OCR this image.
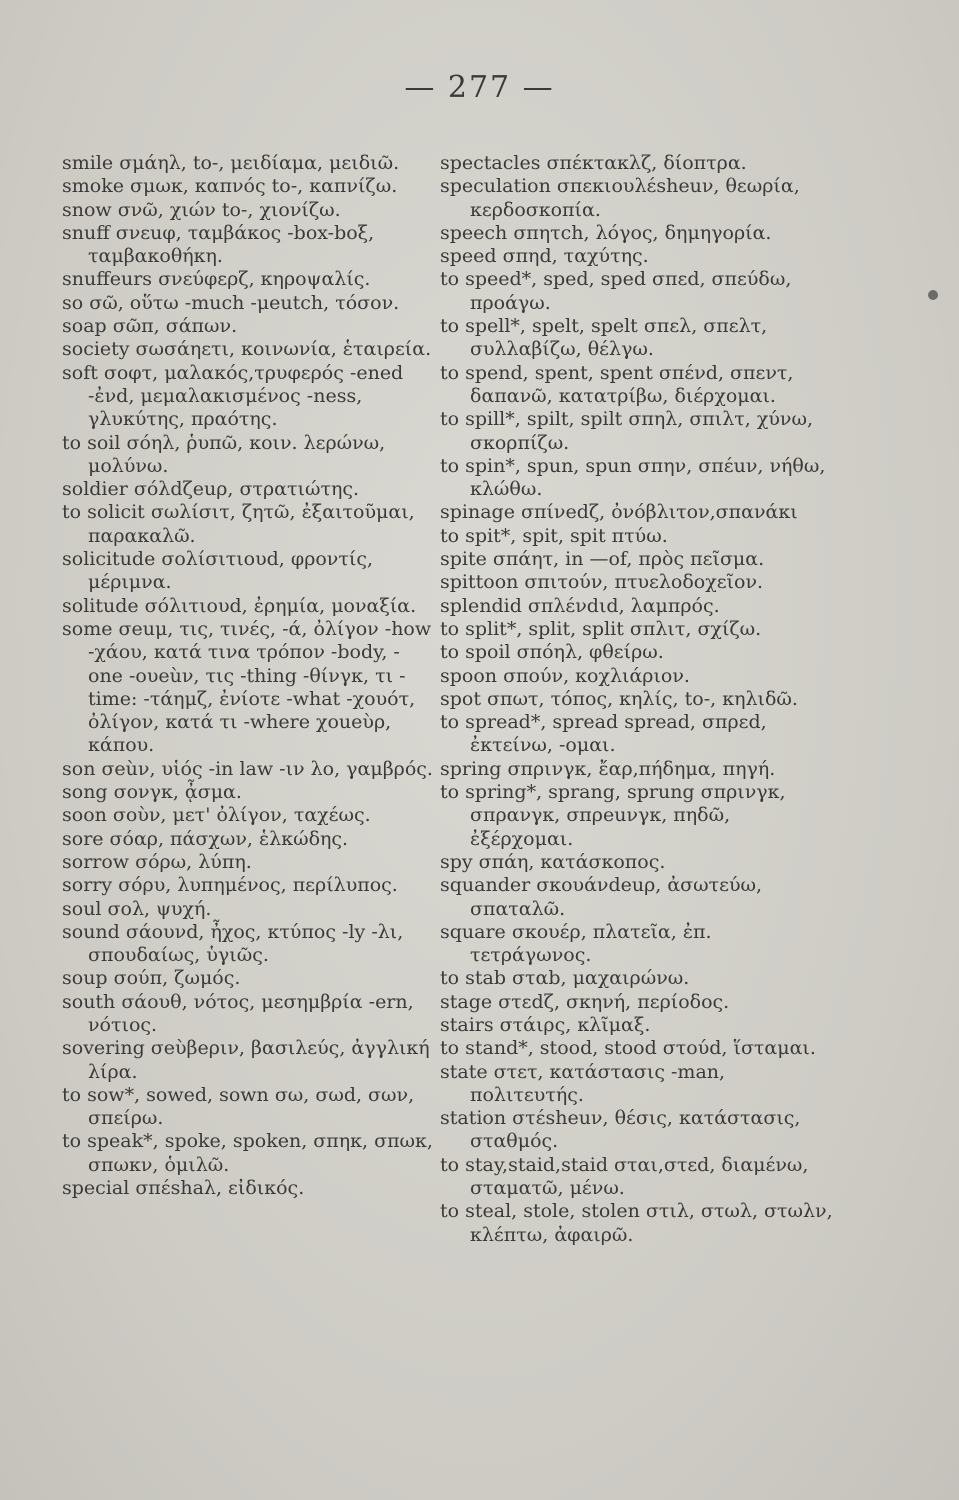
— 277 —

smile σμάηλ, to-, μειδίαμα, μειδιῶ.

smoke σμωκ, καπνός to-, καπνίζω.

snow σνῶ, χιών to-, χιονίζω.

snuff σνεuφ, ταμβάκος -box-boξ, ταμβακοθήκη.

snuffeurs σνεύφερζ, κηροψαλίς.

so σῶ, οὕτω -much -μeutch, τόσον.

soap σῶπ, σάπων.

society σωσάηετι, κοινωνία, ἑταιρεία.

soft σοφτ, μαλακός,τρυφερός -ened -ἐνd, μεμαλακισμένος -ness, γλυκύτης, πραότης.

to soil σόηλ, ῥυπῶ, κοιν. λερώνω, μολύνω.

soldier σόλdζeuρ, στρατιώτης.

to solicit σωλίσιτ, ζητῶ, ἐξαιτοῦμαι, παρακαλῶ.

solicitude σολίσιτιουd, φροντίς, μέριμνα.

solitude σόλιτιουd, ἐρημία, μοναξία.

some σeuμ, τις, τινές, -ά, ὀλίγον -how -χάου, κατά τινα τρόπον -body, -one -ουeùν, τις -thing -θίνγκ, τι -time: -τάημζ, ἐνίοτε -what -χουότ, ὀλίγον, κατά τι -where χoueὺρ, κάπου.

son σeùν, υἱός -in law -ιν λο, γαμβρός.

song σονγκ, ᾆσμα.

soon σοὺν, μετ' ὀλίγον, ταχέως.

sore σόαρ, πάσχων, ἑλκώδης.

sorrow σόρω, λύπη.

sorry σόρυ, λυπημένος, περίλυπος.

soul σολ, ψυχή.

sound σάουνd, ἦχος, κτύπος -ly -λι, σπουδαίως, ὑγιῶς.

soup σούπ, ζωμός.

south σάουθ, νότος, μεσημβρία -ern, νότιος.

sovering σeὺβeριν, βασιλεύς, ἀγγλική λίρα.

to sow*, sowed, sown σω, σωd, σων, σπείρω.

to speak*, spoke, spoken, σπηκ, σπωκ, σπωκν, ὁμιλῶ.

special σπέshaλ, εἰδικός.

spectacles σπέκτακλζ, δίοπτρα.

speculation σπεκιουλέsheuν, θεωρία, κερδοσκοπία.

speech σπητch, λόγος, δημηγορία.

speed σπηd, ταχύτης.

to speed*, sped, sped σπεd, σπεύδω, προάγω.

to spell*, spelt, spelt σπελ, σπελτ, συλλαβίζω, θέλγω.

to spend, spent, spent σπένd, σπεντ, δαπανῶ, κατατρίβω, διέρχομαι.

to spill*, spilt, spilt σπηλ, σπιλτ, χύνω, σκορπίζω.

to spin*, spun, spun σπην, σπέuν, νήθω, κλώθω.

spinage σπίνedζ, ὀνόβλιτον,σπανάκι

to spit*, spit, spit πτύω.

spite σπάητ, in —of, πρὸς πεῖσμα.

spittoon σπιτούν, πτυελοδοχεῖον.

splendid σπλένdιd, λαμπρός.

to split*, split, split σπλιτ, σχίζω.

to spoil σπόηλ, φθείρω.

spoon σπούν, κοχλιάριον.

spot σπωτ, τόπος, κηλίς, to-, κηλιδῶ.

to spread*, spread spread, σπρεd, ἐκτείνω, -ομαι.

spring σπρινγκ, ἔαρ,πήδημα, πηγή.

to spring*, sprang, sprung σπρινγκ, σπρανγκ, σπρeuνγκ, πηδῶ, ἐξέρχομαι.

spy σπάη, κατάσκοπος.

squander σκουάνdeuρ, ἀσωτεύω, σπαταλῶ.

square σκουέρ, πλατεῖα, ἐπ. τετράγωνος.

to stab σταb, μαχαιρώνω.

stage στεdζ, σκηνή, περίοδος.

stairs στάιρς, κλῖμαξ.

to stand*, stood, stood στούd, ἵσταμαι.

state στετ, κατάστασις -man, πολιτευτής.

station στέsheuν, θέσις, κατάστασις, σταθμός.

to stay,staid,staid σται,στεd, διαμένω, σταματῶ, μένω.

to steal, stole, stolen στιλ, στωλ, στωλν, κλέπτω, ἀφαιρῶ.
